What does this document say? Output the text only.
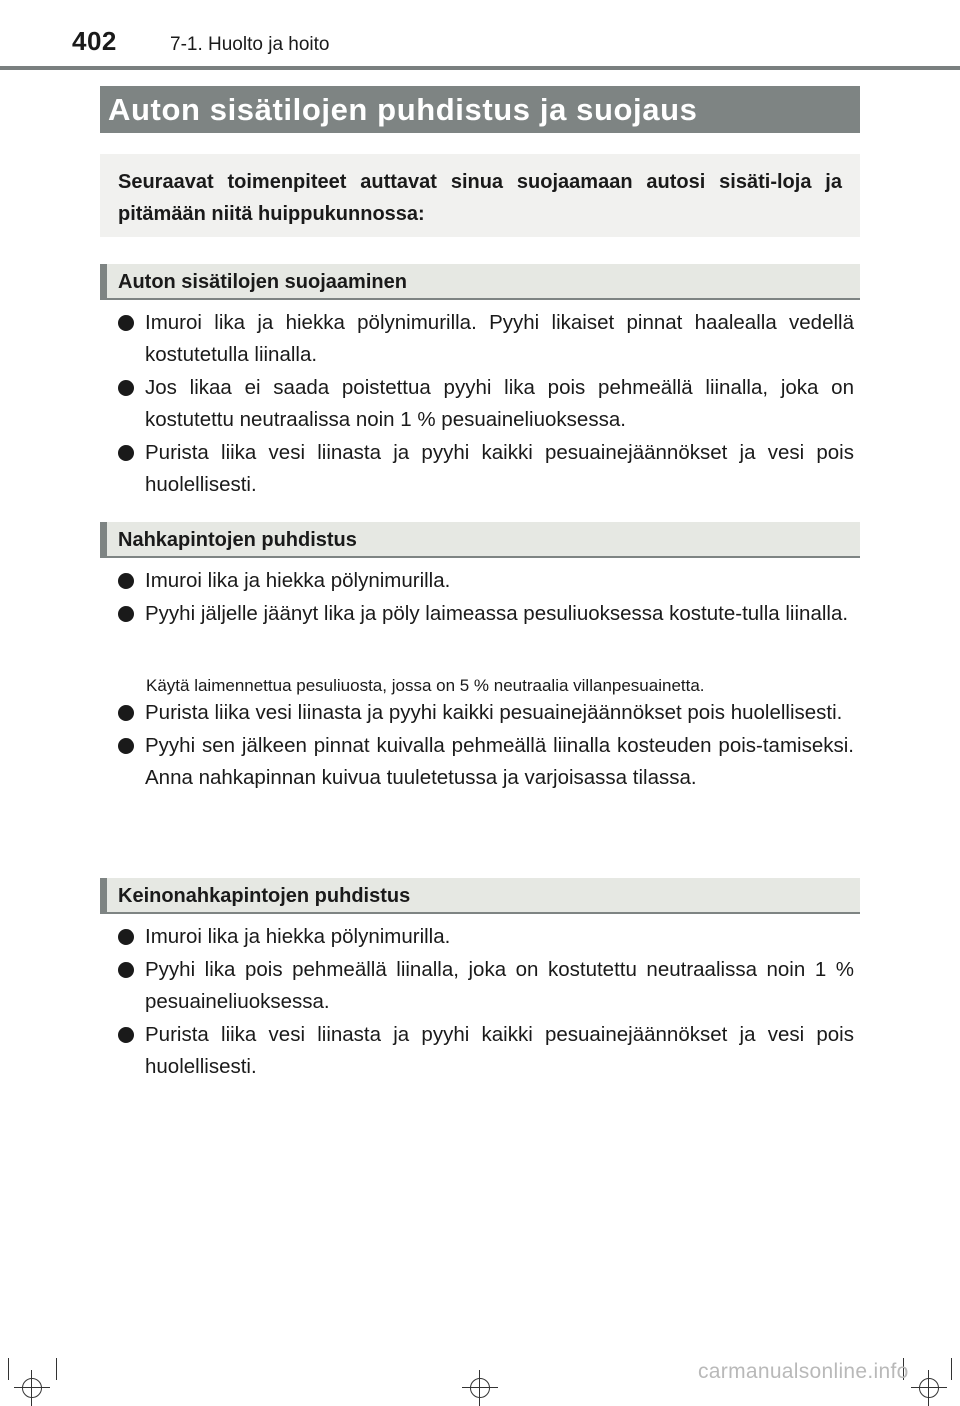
402	7-1. Huolto ja hoito
Auton sisätilojen puhdistus ja suojaus
Seuraavat toimenpiteet auttavat sinua suojaamaan autosi sisäti-loja ja pitämään niitä huippukunnossa:
Auton sisätilojen suojaaminen
Imuroi lika ja hiekka pölynimurilla. Pyyhi likaiset pinnat haalealla vedellä kostutetulla liinalla.
Jos likaa ei saada poistettua pyyhi lika pois pehmeällä liinalla, joka on kostutettu neutraalissa noin 1 % pesuaineliuoksessa.
Purista liika vesi liinasta ja pyyhi kaikki pesuainejäännökset ja vesi pois huolellisesti.
Nahkapintojen puhdistus
Imuroi lika ja hiekka pölynimurilla.
Pyyhi jäljelle jäänyt lika ja pöly laimeassa pesuliuoksessa kostute-tulla liinalla.
Käytä laimennettua pesuliuosta, jossa on 5 % neutraalia villanpesuainetta.
Purista liika vesi liinasta ja pyyhi kaikki pesuainejäännökset pois huolellisesti.
Pyyhi sen jälkeen pinnat kuivalla pehmeällä liinalla kosteuden pois-tamiseksi. Anna nahkapinnan kuivua tuuletetussa ja varjoisassa tilassa.
Keinonahkapintojen puhdistus
Imuroi lika ja hiekka pölynimurilla.
Pyyhi lika pois pehmeällä liinalla, joka on kostutettu neutraalissa noin 1 % pesuaineliuoksessa.
Purista liika vesi liinasta ja pyyhi kaikki pesuainejäännökset ja vesi pois huolellisesti.
carmanualsonline.info
